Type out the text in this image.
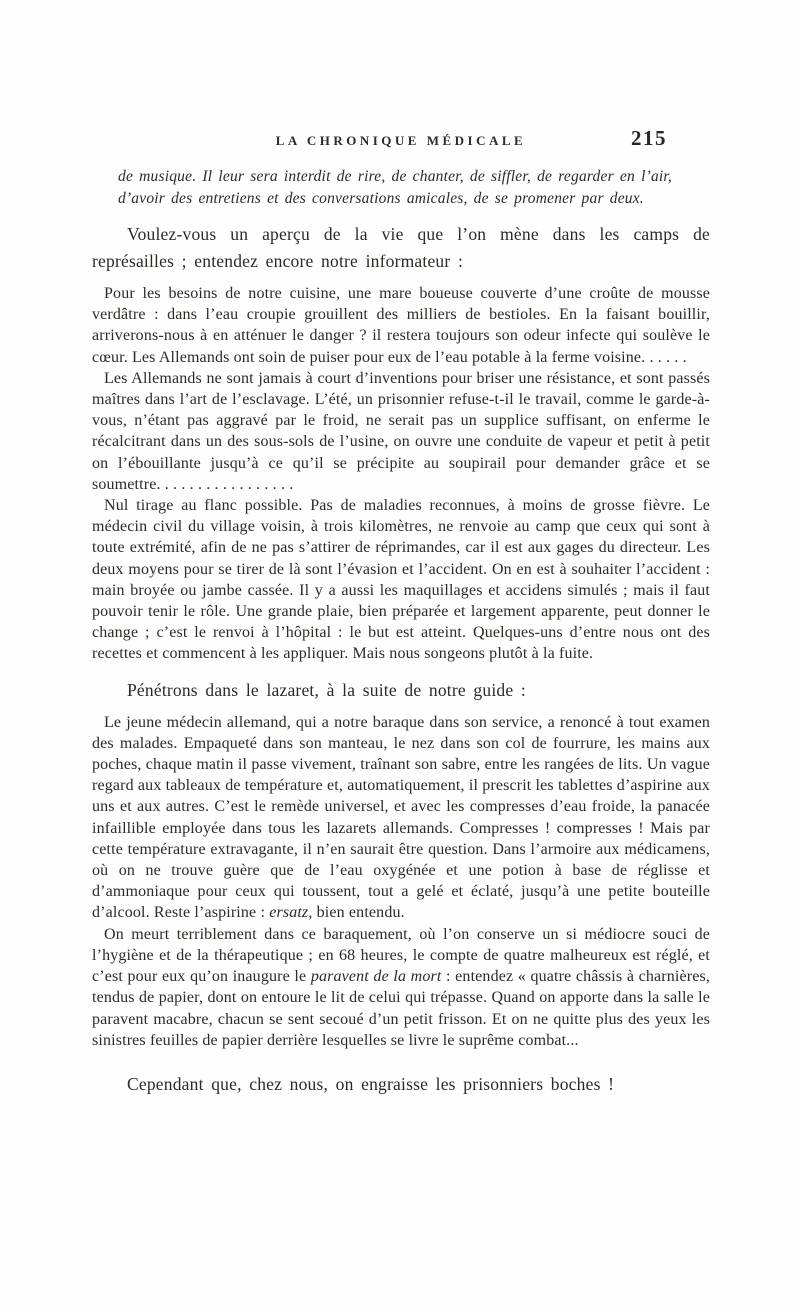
LA CHRONIQUE MÉDICALE	215

de musique. Il leur sera interdit de rire, de chanter, de siffler, de regarder en l’air, d’avoir des entretiens et des conversations amicales, de se promener par deux.

Voulez-vous un aperçu de la vie que l’on mène dans les camps de représailles ; entendez encore notre informateur :

Pour les besoins de notre cuisine, une mare boueuse couverte d’une croûte de mousse verdâtre : dans l’eau croupie grouillent des milliers de bestioles. En la faisant bouillir, arriverons-nous à en atténuer le danger ? il restera toujours son odeur infecte qui soulève le cœur. Les Allemands ont soin de puiser pour eux de l’eau potable à la ferme voisine. . . . . .

Les Allemands ne sont jamais à court d’inventions pour briser une résistance, et sont passés maîtres dans l’art de l’esclavage. L’été, un prisonnier refuse-t-il le travail, comme le garde-à-vous, n’étant pas aggravé par le froid, ne serait pas un supplice suffisant, on enferme le récalcitrant dans un des sous-sols de l’usine, on ouvre une conduite de vapeur et petit à petit on l’ébouillante jusqu’à ce qu’il se précipite au soupirail pour demander grâce et se soumettre. . . . . . . . . . . . . . . . .

Nul tirage au flanc possible. Pas de maladies reconnues, à moins de grosse fièvre. Le médecin civil du village voisin, à trois kilomètres, ne renvoie au camp que ceux qui sont à toute extrémité, afin de ne pas s’attirer de réprimandes, car il est aux gages du directeur. Les deux moyens pour se tirer de là sont l’évasion et l’accident. On en est à souhaiter l’accident : main broyée ou jambe cassée. Il y a aussi les maquillages et accidens simulés ; mais il faut pouvoir tenir le rôle. Une grande plaie, bien préparée et largement apparente, peut donner le change ; c’est le renvoi à l’hôpital : le but est atteint. Quelques-uns d’entre nous ont des recettes et commencent à les appliquer. Mais nous songeons plutôt à la fuite.

Pénétrons dans le lazaret, à la suite de notre guide :

Le jeune médecin allemand, qui a notre baraque dans son service, a renoncé à tout examen des malades. Empaqueté dans son manteau, le nez dans son col de fourrure, les mains aux poches, chaque matin il passe vivement, traînant son sabre, entre les rangées de lits. Un vague regard aux tableaux de température et, automatiquement, il prescrit les tablettes d’aspirine aux uns et aux autres. C’est le remède universel, et avec les compresses d’eau froide, la panacée infaillible employée dans tous les lazarets allemands. Compresses ! compresses ! Mais par cette température extravagante, il n’en saurait être question. Dans l’armoire aux médicamens, où on ne trouve guère que de l’eau oxygénée et une potion à base de réglisse et d’ammoniaque pour ceux qui toussent, tout a gelé et éclaté, jusqu’à une petite bouteille d’alcool. Reste l’aspirine : ersatz, bien entendu.

On meurt terriblement dans ce baraquement, où l’on conserve un si médiocre souci de l’hygiène et de la thérapeutique ; en 68 heures, le compte de quatre malheureux est réglé, et c’est pour eux qu’on inaugure le paravent de la mort : entendez « quatre châssis à charnières, tendus de papier, dont on entoure le lit de celui qui trépasse. Quand on apporte dans la salle le paravent macabre, chacun se sent secoué d’un petit frisson. Et on ne quitte plus des yeux les sinistres feuilles de papier derrière lesquelles se livre le suprême combat...

Cependant que, chez nous, on engraisse les prisonniers boches !
